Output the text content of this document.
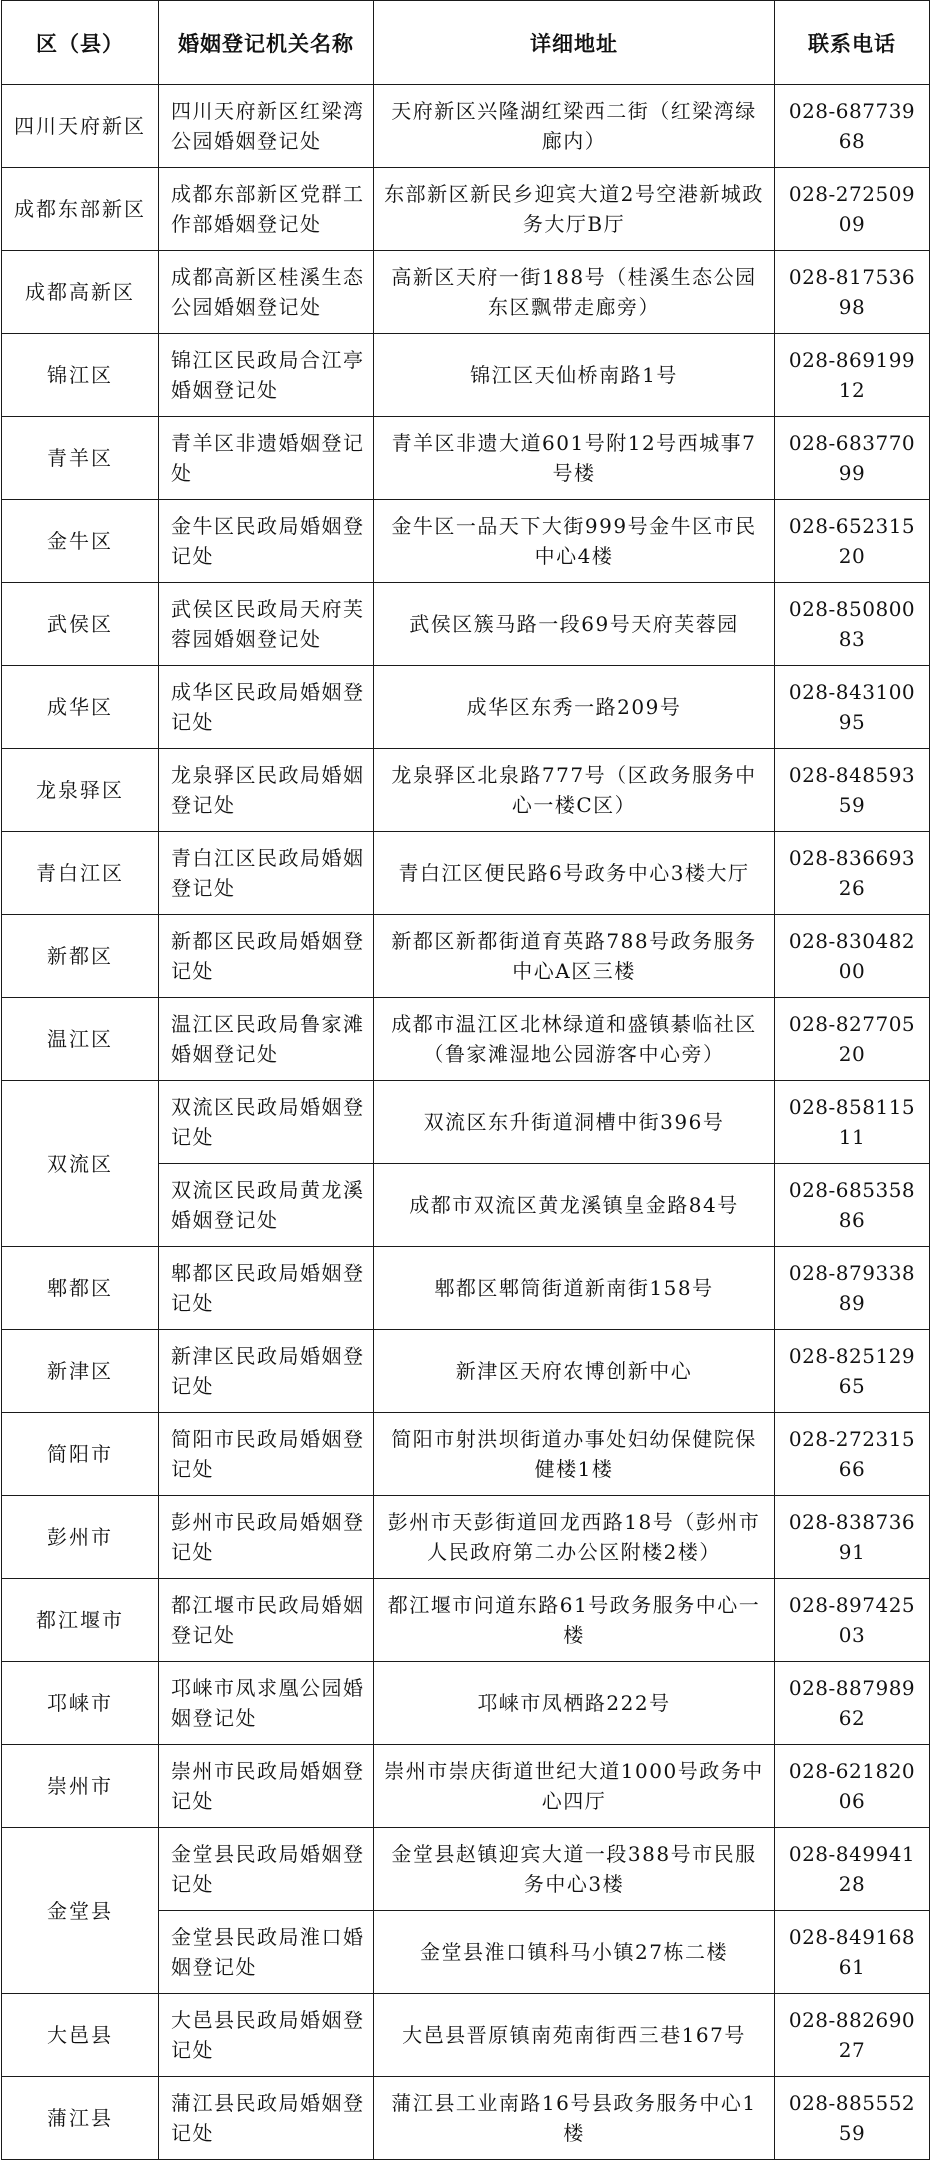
区（县）	婚姻登记机关名称	详细地址	联系电话
四川天府新区	四川天府新区红梁湾公园婚姻登记处	天府新区兴隆湖红梁西二街（红梁湾绿廊内）	028-68773968
成都东部新区	成都东部新区党群工作部婚姻登记处	东部新区新民乡迎宾大道2号空港新城政务大厅B厅	028-27250909
成都高新区	成都高新区桂溪生态公园婚姻登记处	高新区天府一街188号（桂溪生态公园东区飘带走廊旁）	028-81753698
锦江区	锦江区民政局合江亭婚姻登记处	锦江区天仙桥南路1号	028-86919912
青羊区	青羊区非遗婚姻登记处	青羊区非遗大道601号附12号西城事7号楼	028-68377099
金牛区	金牛区民政局婚姻登记处	金牛区一品天下大街999号金牛区市民中心4楼	028-65231520
武侯区	武侯区民政局天府芙蓉园婚姻登记处	武侯区簇马路一段69号天府芙蓉园	028-85080083
成华区	成华区民政局婚姻登记处	成华区东秀一路209号	028-84310095
龙泉驿区	龙泉驿区民政局婚姻登记处	龙泉驿区北泉路777号（区政务服务中心一楼C区）	028-84859359
青白江区	青白江区民政局婚姻登记处	青白江区便民路6号政务中心3楼大厅	028-83669326
新都区	新都区民政局婚姻登记处	新都区新都街道育英路788号政务服务中心A区三楼	028-83048200
温江区	温江区民政局鲁家滩婚姻登记处	成都市温江区北林绿道和盛镇綦临社区（鲁家滩湿地公园游客中心旁）	028-82770520
双流区	双流区民政局婚姻登记处	双流区东升街道洞槽中街396号	028-85811511
	双流区民政局黄龙溪婚姻登记处	成都市双流区黄龙溪镇皇金路84号	028-68535886
郫都区	郫都区民政局婚姻登记处	郫都区郫筒街道新南街158号	028-87933889
新津区	新津区民政局婚姻登记处	新津区天府农博创新中心	028-82512965
简阳市	简阳市民政局婚姻登记处	简阳市射洪坝街道办事处妇幼保健院保健楼1楼	028-27231566
彭州市	彭州市民政局婚姻登记处	彭州市天彭街道回龙西路18号（彭州市人民政府第二办公区附楼2楼）	028-83873691
都江堰市	都江堰市民政局婚姻登记处	都江堰市问道东路61号政务服务中心一楼	028-89742503
邛崃市	邛崃市凤求凰公园婚姻登记处	邛崃市凤栖路222号	028-88798962
崇州市	崇州市民政局婚姻登记处	崇州市崇庆街道世纪大道1000号政务中心四厅	028-62182006
金堂县	金堂县民政局婚姻登记处	金堂县赵镇迎宾大道一段388号市民服务中心3楼	028-84994128
	金堂县民政局淮口婚姻登记处	金堂县淮口镇科马小镇27栋二楼	028-84916861
大邑县	大邑县民政局婚姻登记处	大邑县晋原镇南苑南街西三巷167号	028-88269027
蒲江县	蒲江县民政局婚姻登记处	蒲江县工业南路16号县政务服务中心1楼	028-88555259
